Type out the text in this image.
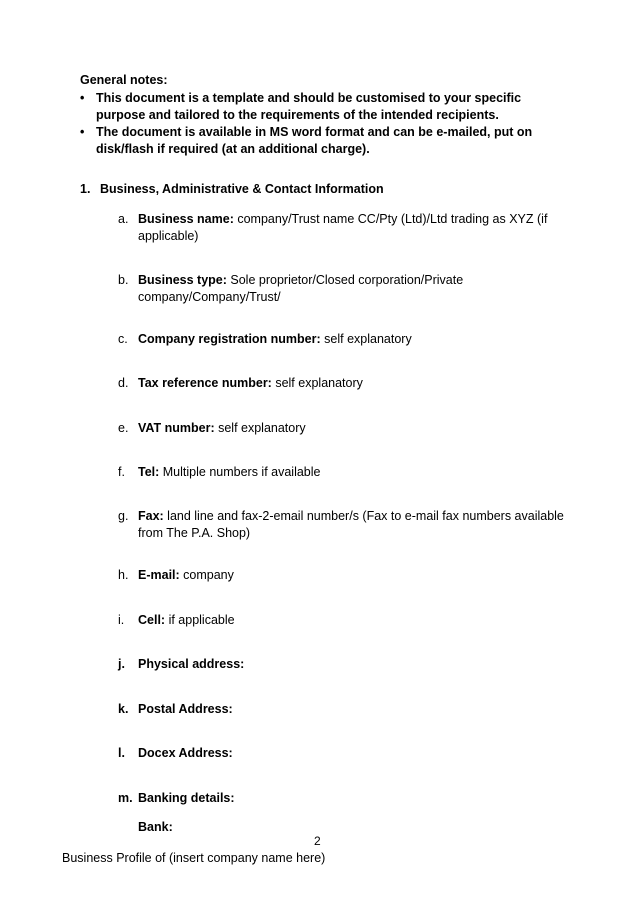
General notes:
• This document is a template and should be customised to your specific purpose and tailored to the requirements of the intended recipients.
• The document is available in MS word format and can be e-mailed, put on disk/flash if required (at an additional charge).
1. Business, Administrative & Contact Information
a. Business name: company/Trust name CC/Pty (Ltd)/Ltd trading as XYZ (if applicable)
b. Business type: Sole proprietor/Closed corporation/Private company/Company/Trust/
c. Company registration number: self explanatory
d. Tax reference number: self explanatory
e. VAT number: self explanatory
f. Tel: Multiple numbers if available
g. Fax: land line and fax-2-email number/s (Fax to e-mail fax numbers available from The P.A. Shop)
h. E-mail: company
i. Cell: if applicable
j. Physical address:
k. Postal Address:
l. Docex Address:
m. Banking details:
Bank:
2
Business Profile of (insert company name here)
